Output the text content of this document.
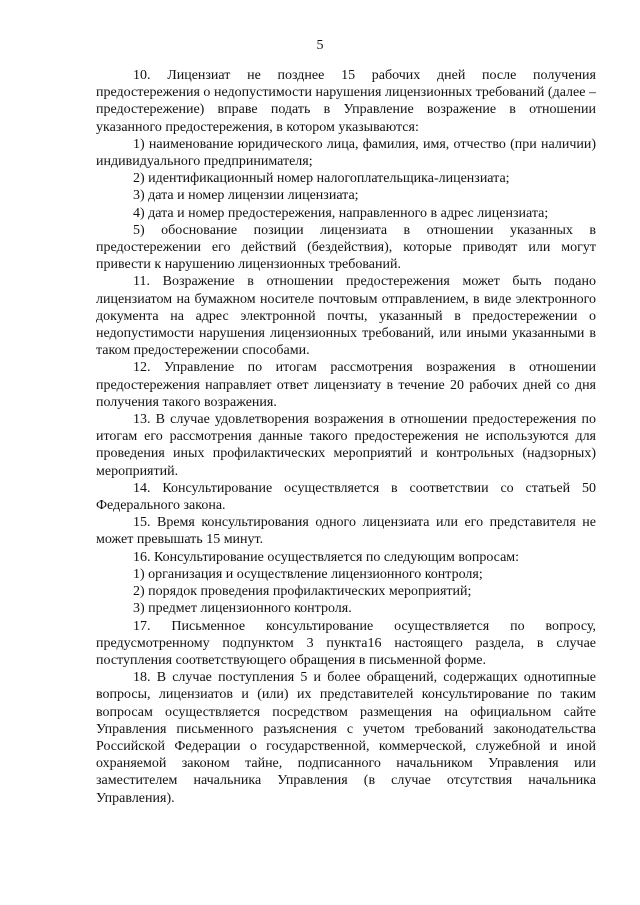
5

10. Лицензиат не позднее 15 рабочих дней после получения предостережения о недопустимости нарушения лицензионных требований (далее – предостережение) вправе подать в Управление возражение в отношении указанного предостережения, в котором указываются:

1) наименование юридического лица, фамилия, имя, отчество (при наличии) индивидуального предпринимателя;

2) идентификационный номер налогоплательщика-лицензиата;

3) дата и номер лицензии лицензиата;

4) дата и номер предостережения, направленного в адрес лицензиата;

5) обоснование позиции лицензиата в отношении указанных в предостережении его действий (бездействия), которые приводят или могут привести к нарушению лицензионных требований.

11. Возражение в отношении предостережения может быть подано лицензиатом на бумажном носителе почтовым отправлением, в виде электронного документа на адрес электронной почты, указанный в предостережении о недопустимости нарушения лицензионных требований, или иными указанными в таком предостережении способами.

12. Управление по итогам рассмотрения возражения в отношении предостережения направляет ответ лицензиату в течение 20 рабочих дней со дня получения такого возражения.

13. В случае удовлетворения возражения в отношении предостережения по итогам его рассмотрения данные такого предостережения не используются для проведения иных профилактических мероприятий и контрольных (надзорных) мероприятий.

14. Консультирование осуществляется в соответствии со статьей 50 Федерального закона.

15. Время консультирования одного лицензиата или его представителя не может превышать 15 минут.

16. Консультирование осуществляется по следующим вопросам:

1) организация и осуществление лицензионного контроля;

2) порядок проведения профилактических мероприятий;

3) предмет лицензионного контроля.

17. Письменное консультирование осуществляется по вопросу, предусмотренному подпунктом 3 пункта16 настоящего раздела, в случае поступления соответствующего обращения в письменной форме.

18. В случае поступления 5 и более обращений, содержащих однотипные вопросы, лицензиатов и (или) их представителей консультирование по таким вопросам осуществляется посредством размещения на официальном сайте Управления письменного разъяснения с учетом требований законодательства Российской Федерации о государственной, коммерческой, служебной и иной охраняемой законом тайне, подписанного начальником Управления или заместителем начальника Управления (в случае отсутствия начальника Управления).
